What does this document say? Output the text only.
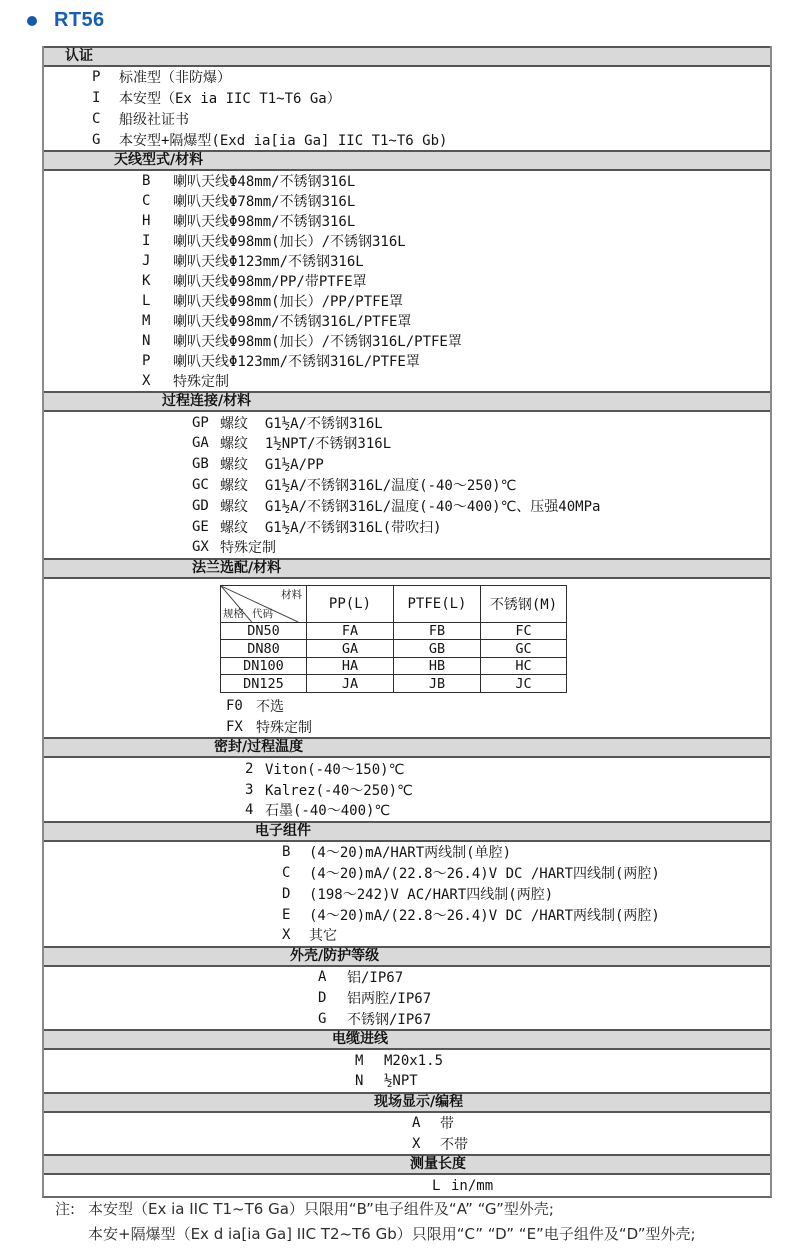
RT56
认证
P	标准型（非防爆）
I	本安型（Ex ia IIC T1~T6 Ga）
C	船级社证书
G	本安型+隔爆型(Exd ia[ia Ga] IIC T1~T6 Gb)
天线型式/材料
B	喇叭天线Φ48mm/不锈钢316L
C	喇叭天线Φ78mm/不锈钢316L
H	喇叭天线Φ98mm/不锈钢316L
I	喇叭天线Φ98mm(加长）/不锈钢316L
J	喇叭天线Φ123mm/不锈钢316L
K	喇叭天线Φ98mm/PP/带PTFE罩
L	喇叭天线Φ98mm(加长）/PP/PTFE罩
M	喇叭天线Φ98mm/不锈钢316L/PTFE罩
N	喇叭天线Φ98mm(加长）/不锈钢316L/PTFE罩
P	喇叭天线Φ123mm/不锈钢316L/PTFE罩
X	特殊定制
过程连接/材料
GP 螺纹  G1½A/不锈钢316L
GA 螺纹  1½NPT/不锈钢316L
GB 螺纹  G1½A/PP
GC 螺纹  G1½A/不锈钢316L/温度(-40～250)℃
GD 螺纹  G1½A/不锈钢316L/温度(-40～400)℃、压强40MPa
GE 螺纹  G1½A/不锈钢316L(带吹扫)
GX 特殊定制
法兰选配/材料
材料
代码
规格	PP(L)	PTFE(L)	不锈钢(M)
DN50	FA	FB	FC
DN80	GA	GB	GC
DN100	HA	HB	HC
DN125	JA	JB	JC
F0 不选
FX 特殊定制
密封/过程温度
2 Viton(-40～150)℃
3 Kalrez(-40～250)℃
4 石墨(-40～400)℃
电子组件
B	(4～20)mA/HART两线制(单腔)
C	(4～20)mA/(22.8～26.4)V DC /HART四线制(两腔)
D	(198～242)V AC/HART四线制(两腔)
E	(4～20)mA/(22.8～26.4)V DC /HART两线制(两腔)
X	其它
外壳/防护等级
A	铝/IP67
D	铝两腔/IP67
G	不锈钢/IP67
电缆进线
M	M20x1.5
N	½NPT
现场显示/编程
A	带
X	不带
测量长度
L in/mm
注: 本安型（Ex ia IIC T1~T6 Ga）只限用“B”电子组件及“A” “G”型外壳;
本安+隔爆型（Ex d ia[ia Ga] IIC T2~T6 Gb）只限用“C” “D” “E”电子组件及“D”型外壳;
